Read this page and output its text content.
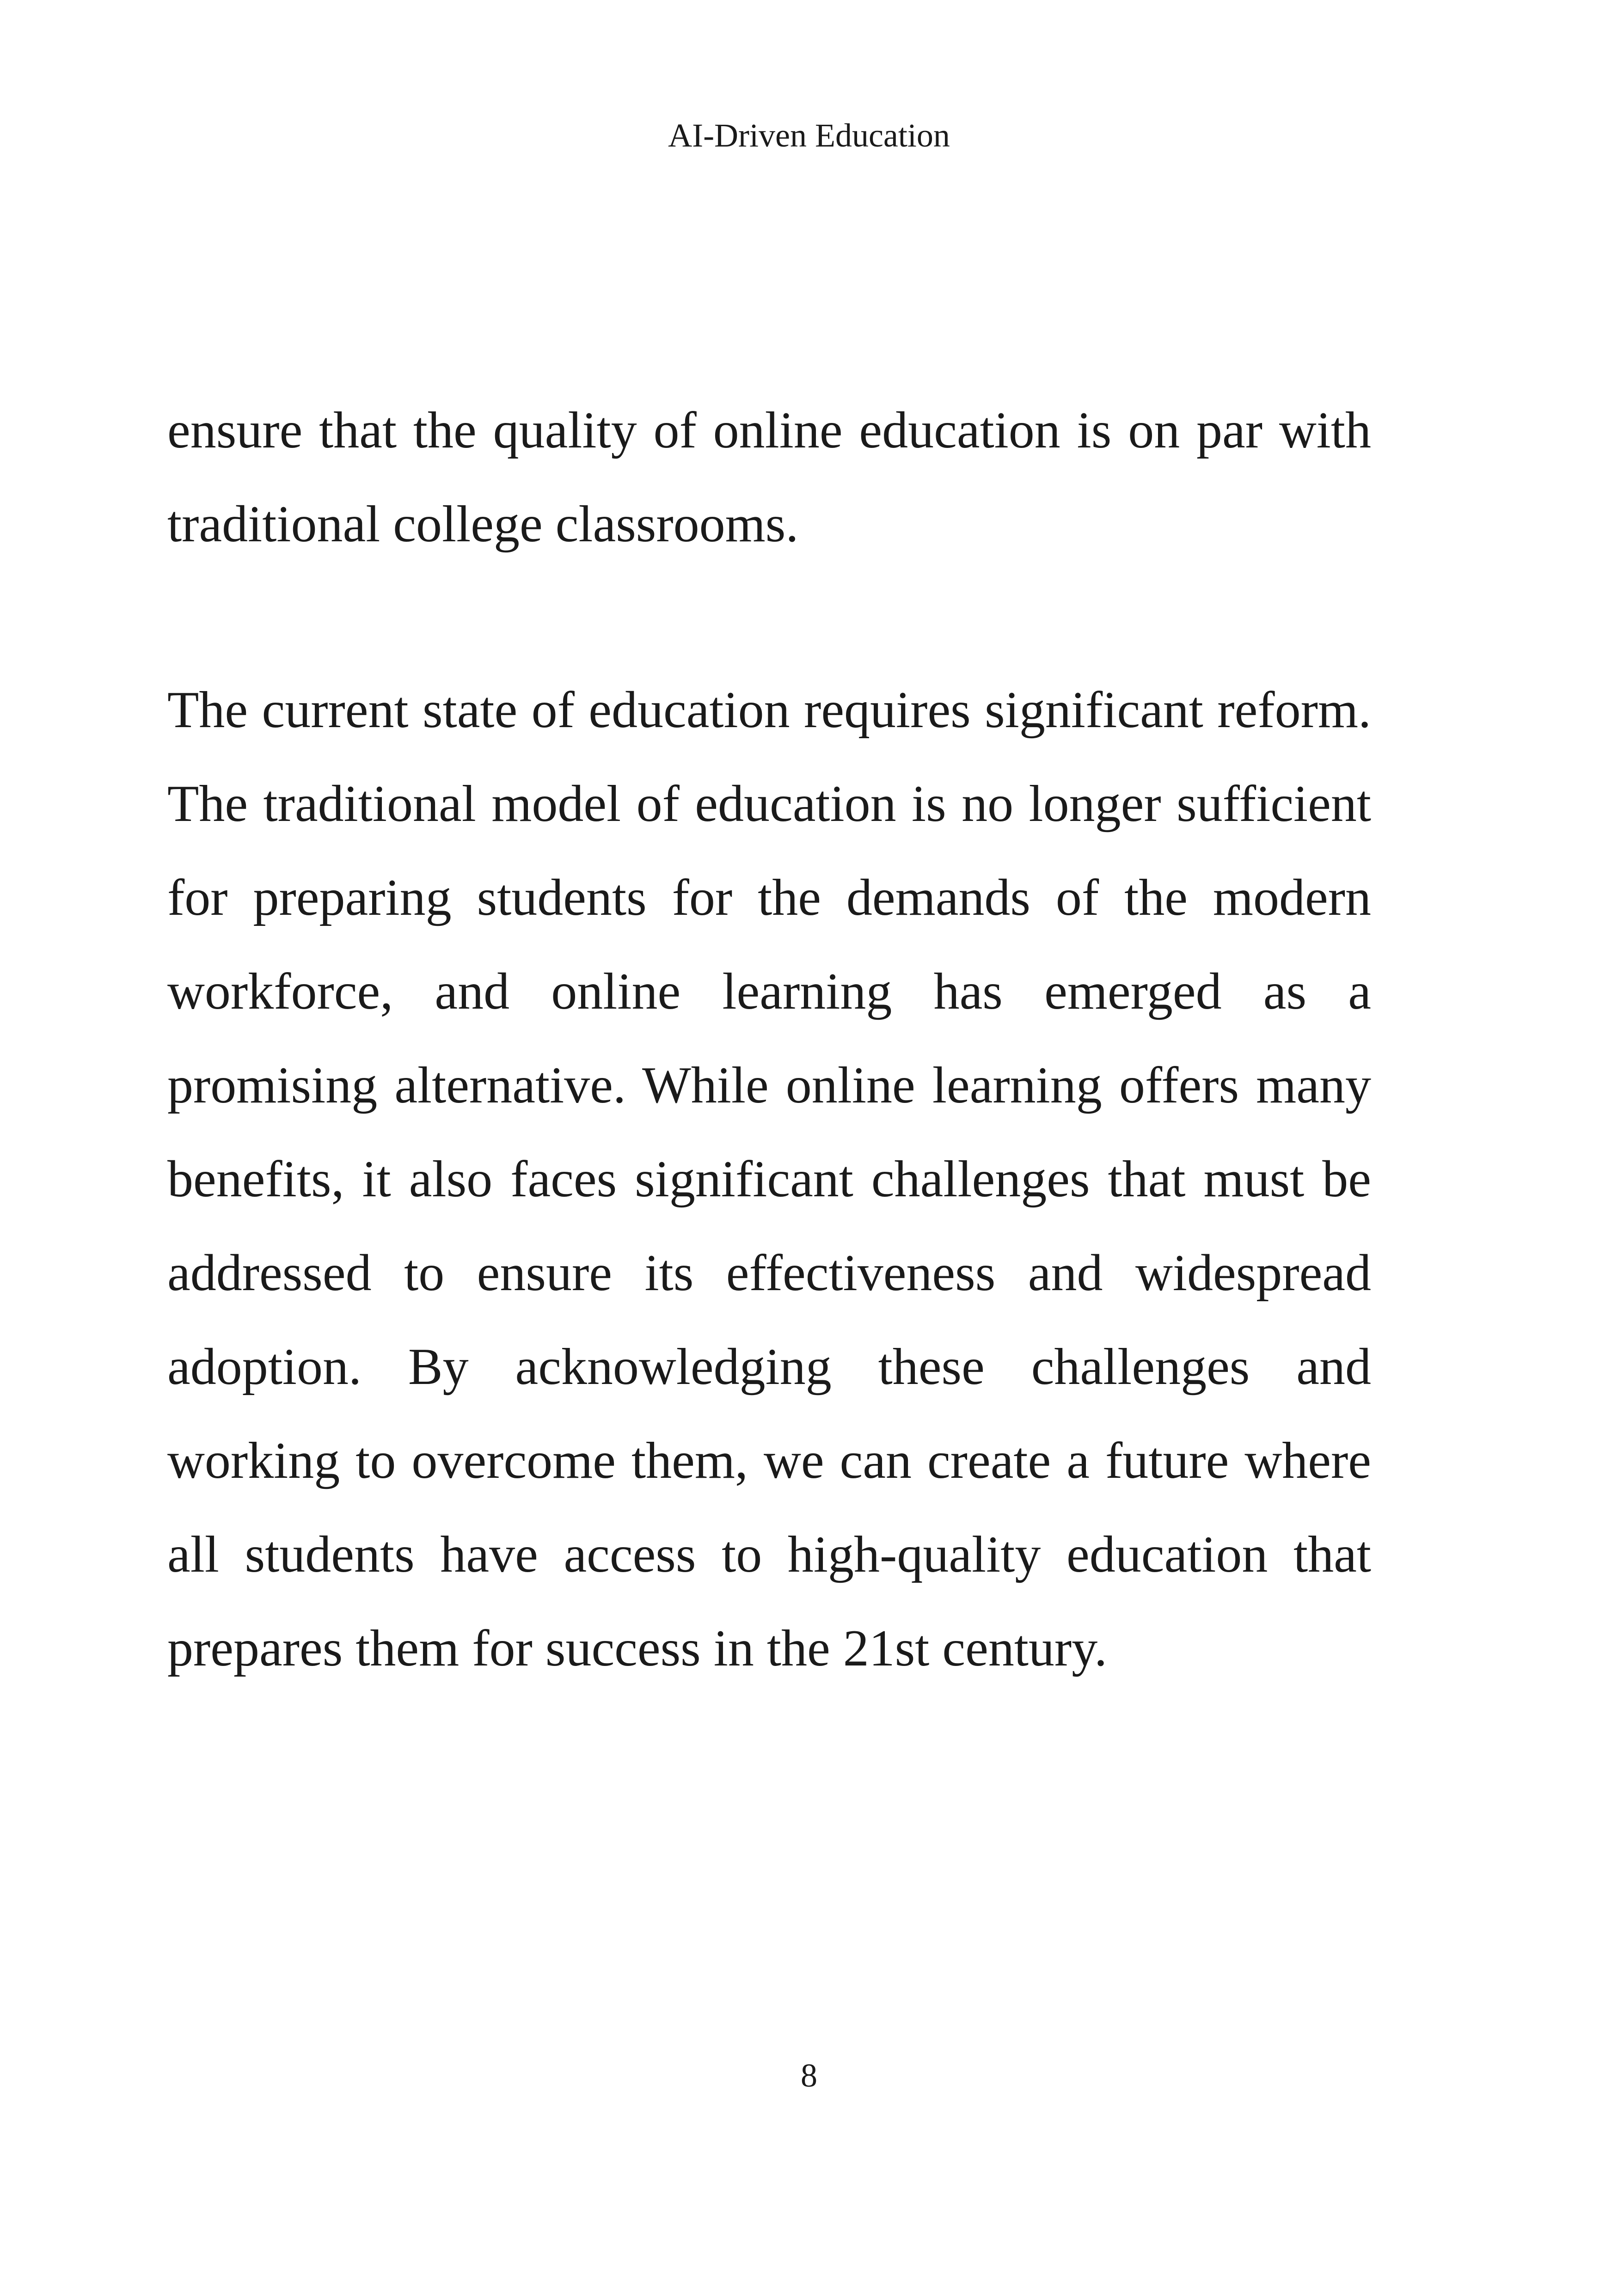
AI-Driven Education

ensure that the quality of online education is on par with traditional college classrooms.

The current state of education requires significant reform. The traditional model of education is no longer sufficient for preparing students for the demands of the modern workforce, and online learning has emerged as a promising alternative. While online learning offers many benefits, it also faces significant challenges that must be addressed to ensure its effectiveness and widespread adoption. By acknowledging these challenges and working to overcome them, we can create a future where all students have access to high-quality education that prepares them for success in the 21st century.

8
